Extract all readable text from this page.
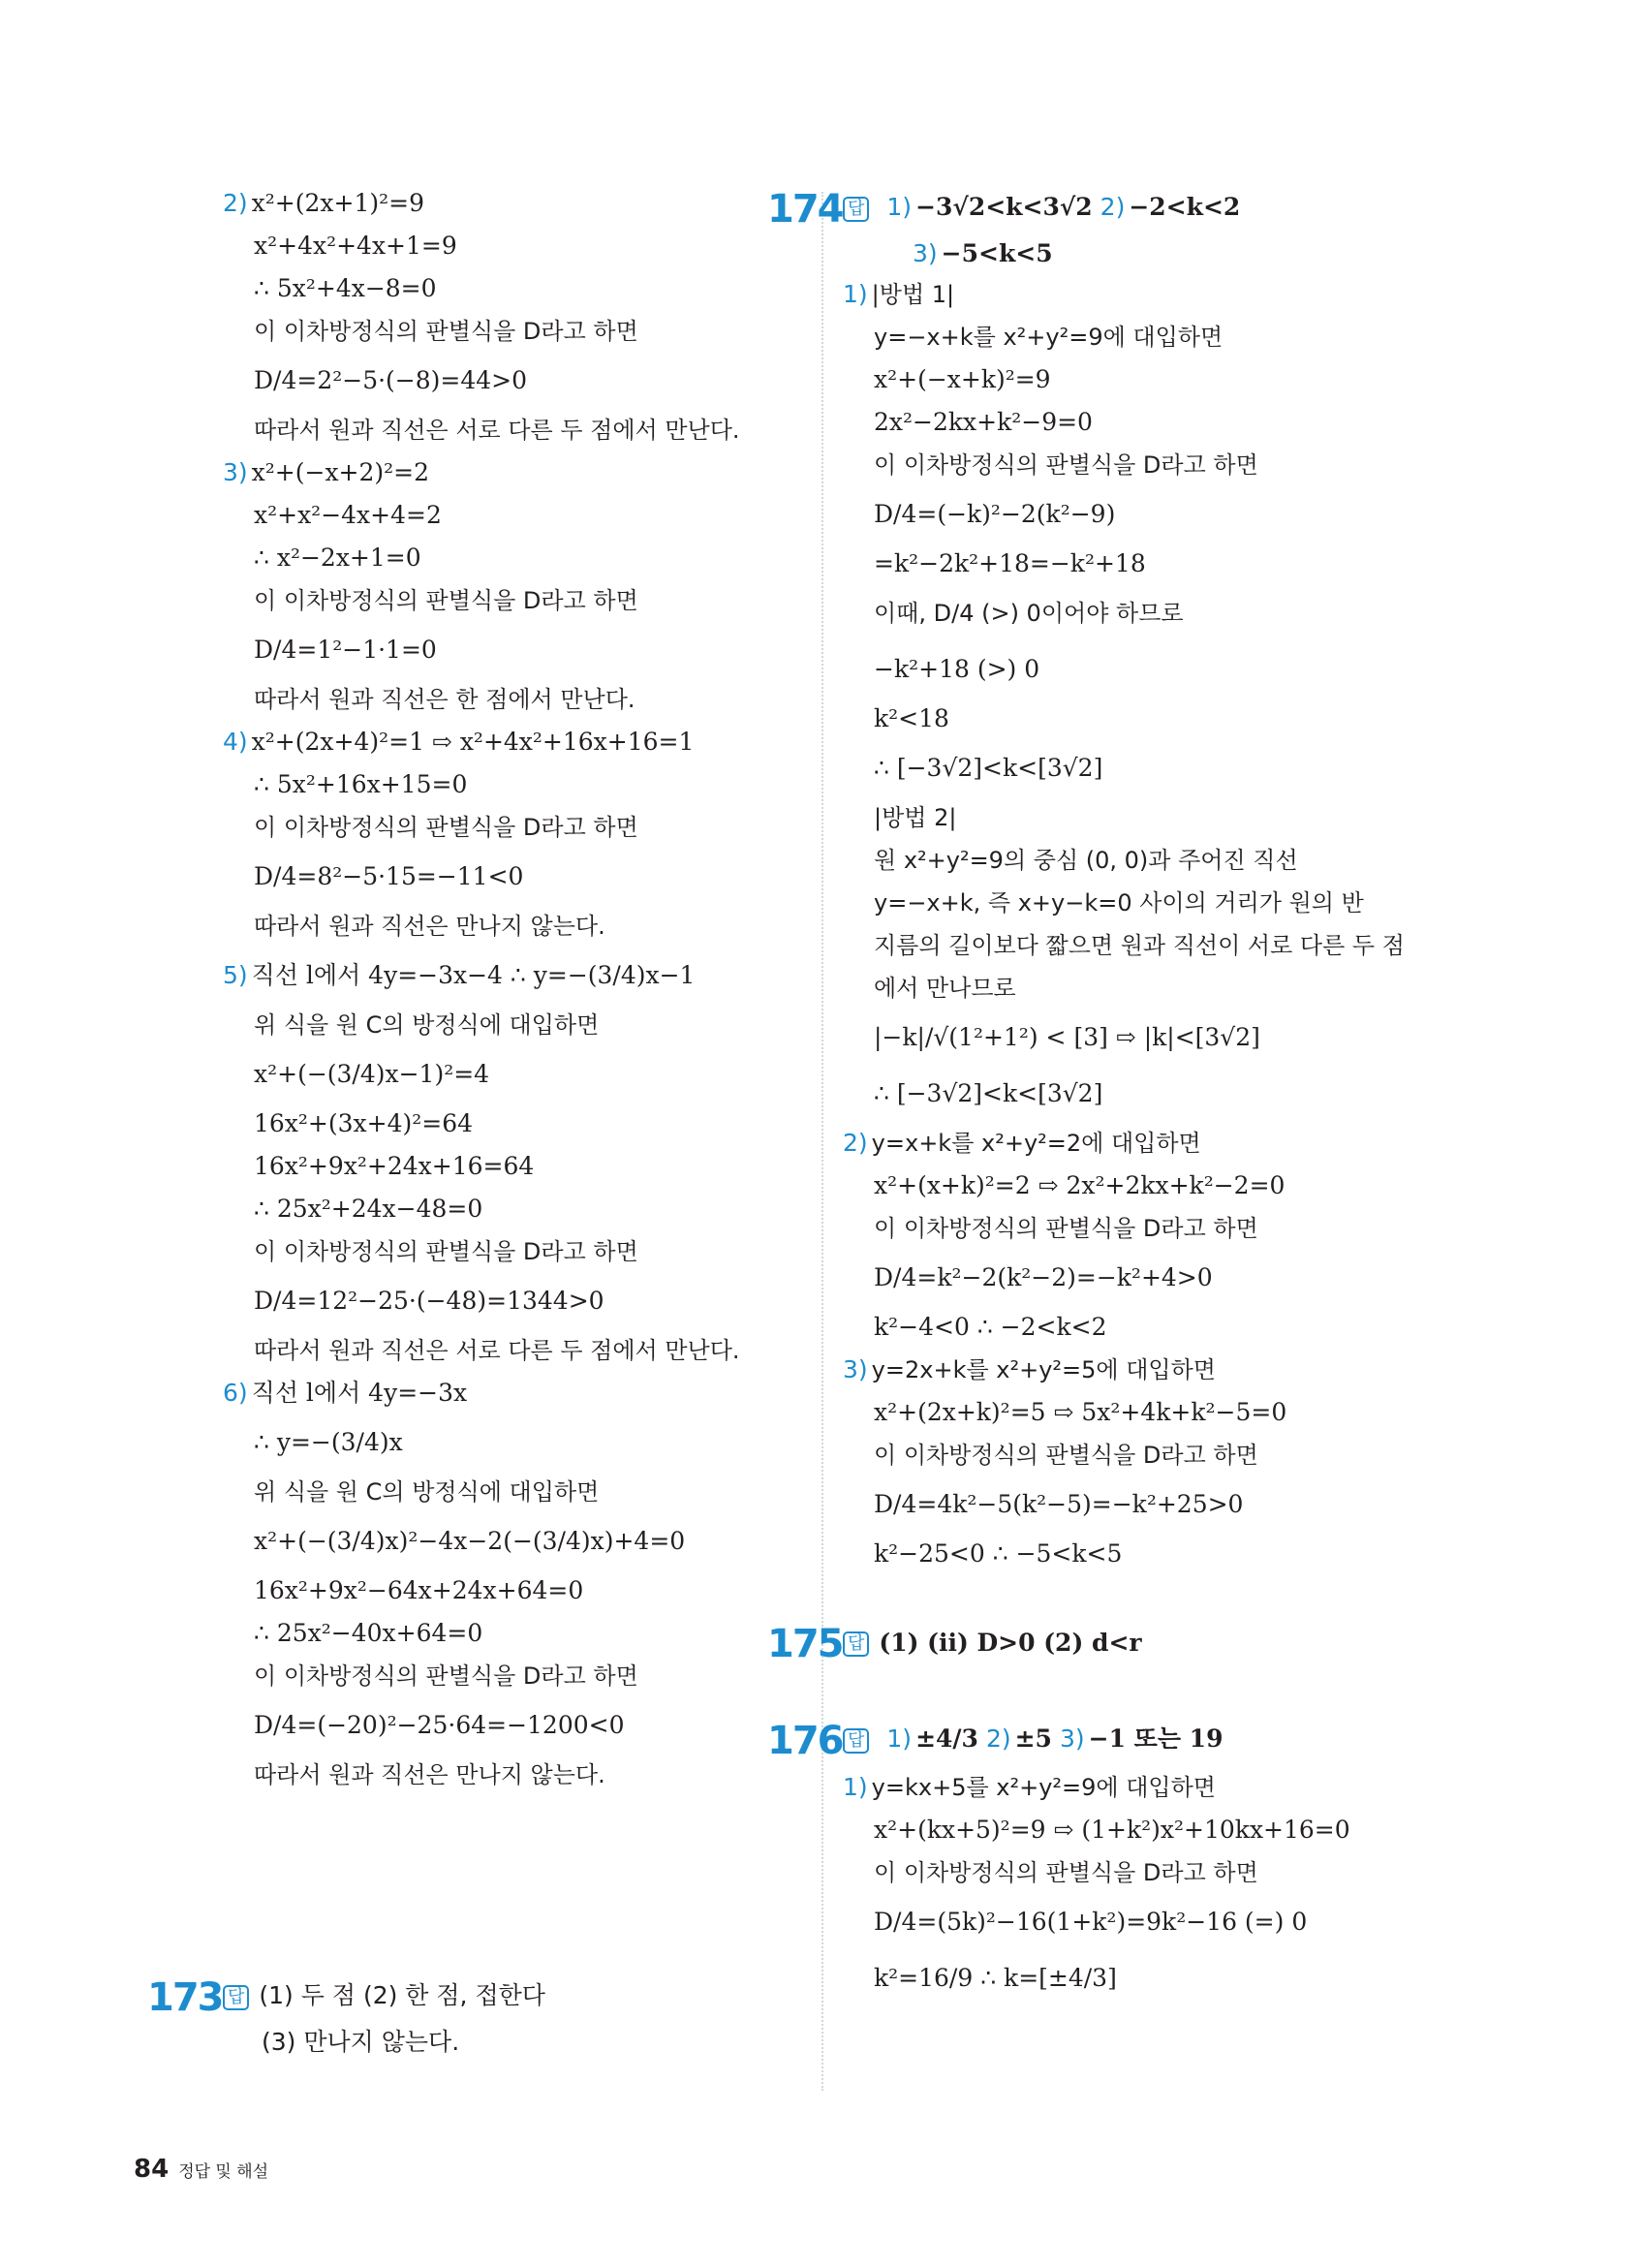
2) x²+(2x+1)²=9
x²+4x²+4x+1=9
∴ 5x²+4x−8=0
이 이차방정식의 판별식을 D라고 하면
D/4=2²−5·(−8)=44>0
따라서 원과 직선은 서로 다른 두 점에서 만난다.
3) x²+(−x+2)²=2
x²+x²−4x+4=2
∴ x²−2x+1=0
이 이차방정식의 판별식을 D라고 하면
D/4=1²−1·1=0
따라서 원과 직선은 한 점에서 만난다.
4) x²+(2x+4)²=1 ⇨ x²+4x²+16x+16=1
∴ 5x²+16x+15=0
이 이차방정식의 판별식을 D라고 하면
D/4=8²−5·15=−11<0
따라서 원과 직선은 만나지 않는다.
5) 직선 l에서 4y=−3x−4 ∴ y=−(3/4)x−1
위 식을 원 C의 방정식에 대입하면
x²+(−(3/4)x−1)²=4
16x²+(3x+4)²=64
16x²+9x²+24x+16=64
∴ 25x²+24x−48=0
이 이차방정식의 판별식을 D라고 하면
D/4=12²−25·(−48)=1344>0
따라서 원과 직선은 서로 다른 두 점에서 만난다.
6) 직선 l에서 4y=−3x
∴ y=−(3/4)x
위 식을 원 C의 방정식에 대입하면
x²+(−(3/4)x)²−4x−2(−(3/4)x)+4=0
16x²+9x²−64x+24x+64=0
∴ 25x²−40x+64=0
이 이차방정식의 판별식을 D라고 하면
D/4=(−20)²−25·64=−1200<0
따라서 원과 직선은 만나지 않는다.
173 답 (1) 두 점 (2) 한 점, 접한다
(3) 만나지 않는다.
174 답 1) −3√2<k<3√2 2) −2<k<2
3) −5<k<5
1) |방법 1|
y=−x+k를 x²+y²=9에 대입하면
x²+(−x+k)²=9
2x²−2kx+k²−9=0
이 이차방정식의 판별식을 D라고 하면
D/4=(−k)²−2(k²−9)
=k²−2k²+18=−k²+18
이때, D/4 (>) 0이어야 하므로
−k²+18 (>) 0
k²<18
∴ [−3√2]<k<[3√2]
|방법 2|
원 x²+y²=9의 중심 (0, 0)과 주어진 직선
y=−x+k, 즉 x+y−k=0 사이의 거리가 원의 반
지름의 길이보다 짧으면 원과 직선이 서로 다른 두 점
에서 만나므로
|−k|/√(1²+1²) < [3] ⇨ |k|<[3√2]
∴ [−3√2]<k<[3√2]
2) y=x+k를 x²+y²=2에 대입하면
x²+(x+k)²=2 ⇨ 2x²+2kx+k²−2=0
이 이차방정식의 판별식을 D라고 하면
D/4=k²−2(k²−2)=−k²+4>0
k²−4<0 ∴ −2<k<2
3) y=2x+k를 x²+y²=5에 대입하면
x²+(2x+k)²=5 ⇨ 5x²+4k+k²−5=0
이 이차방정식의 판별식을 D라고 하면
D/4=4k²−5(k²−5)=−k²+25>0
k²−25<0 ∴ −5<k<5
175 답 (1) (ii) D>0 (2) d<r
176 답 1) ±4/3 2) ±5 3) −1 또는 19
1) y=kx+5를 x²+y²=9에 대입하면
x²+(kx+5)²=9 ⇨ (1+k²)x²+10kx+16=0
이 이차방정식의 판별식을 D라고 하면
D/4=(5k)²−16(1+k²)=9k²−16 (=) 0
k²=16/9 ∴ k=[±4/3]
84 정답 및 해설
